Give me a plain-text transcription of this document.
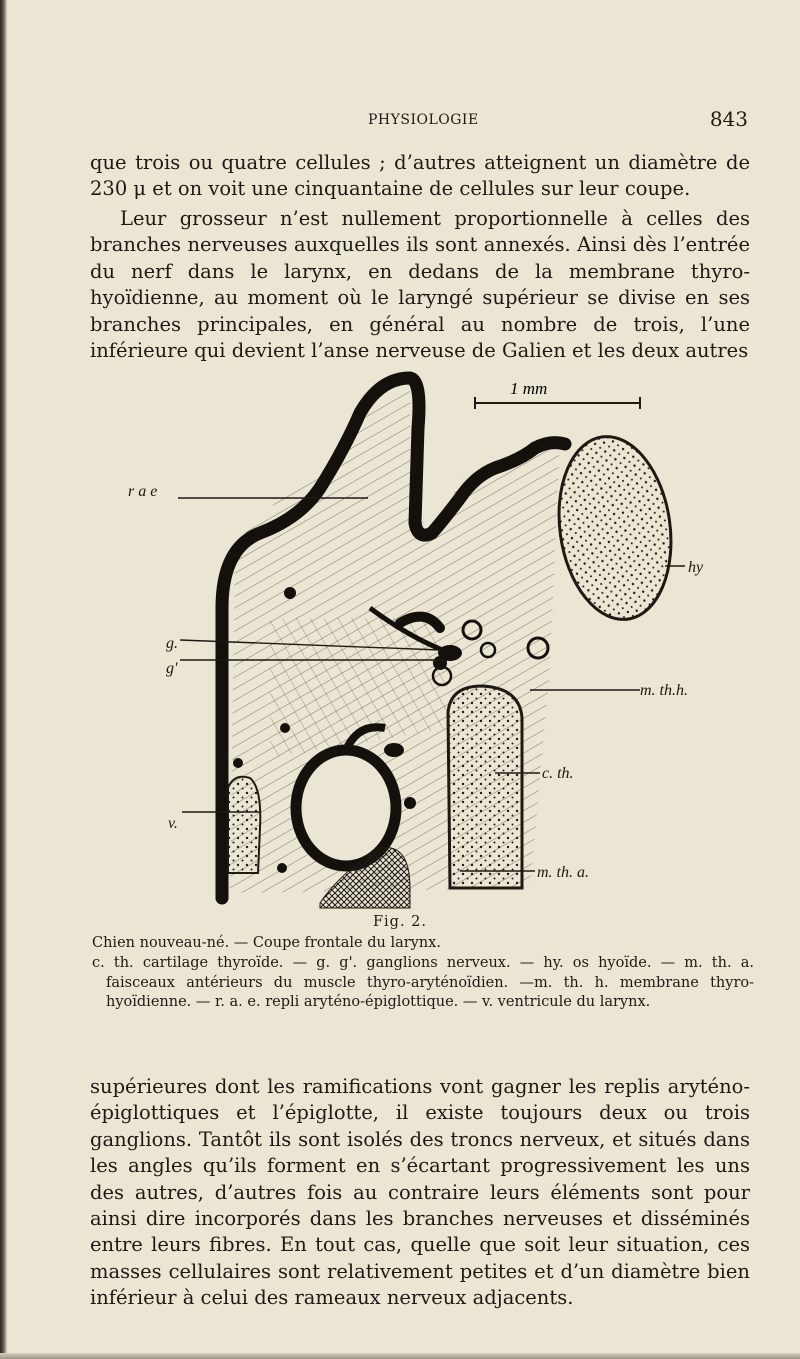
PHYSIOLOGIE	843

que trois ou quatre cellules ; d’autres atteignent un diamètre de 230 μ et on voit une cinquantaine de cellules sur leur coupe.

Leur grosseur n’est nullement proportionnelle à celles des branches nerveuses auxquelles ils sont annexés. Ainsi dès l’entrée du nerf dans le larynx, en dedans de la membrane thyro-hyoïdienne, au moment où le laryngé supérieur se divise en ses branches principales, en général au nombre de trois, l’une inférieure qui devient l’anse nerveuse de Galien et les deux autres

1 mm
r a e
g.
g'
v.
hy
m. th.h.
c. th.
m. th. a.
Fig. 2.
Chien nouveau-né. — Coupe frontale du larynx.
c. th. cartilage thyroïde. — g. g'. ganglions nerveux. — hy. os hyoïde. — m. th. a. faisceaux antérieurs du muscle thyro-aryténoïdien. —m. th. h. membrane thyro-hyoïdienne. — r. a. e. repli aryténo-épiglottique. — v. ventricule du larynx.

supérieures dont les ramifications vont gagner les replis aryténo-épiglottiques et l’épiglotte, il existe toujours deux ou trois ganglions. Tantôt ils sont isolés des troncs nerveux, et situés dans les angles qu’ils forment en s’écartant progressivement les uns des autres, d’autres fois au contraire leurs éléments sont pour ainsi dire incorporés dans les branches nerveuses et disséminés entre leurs fibres. En tout cas, quelle que soit leur situation, ces masses cellulaires sont relativement petites et d’un diamètre bien inférieur à celui des rameaux nerveux adjacents.
